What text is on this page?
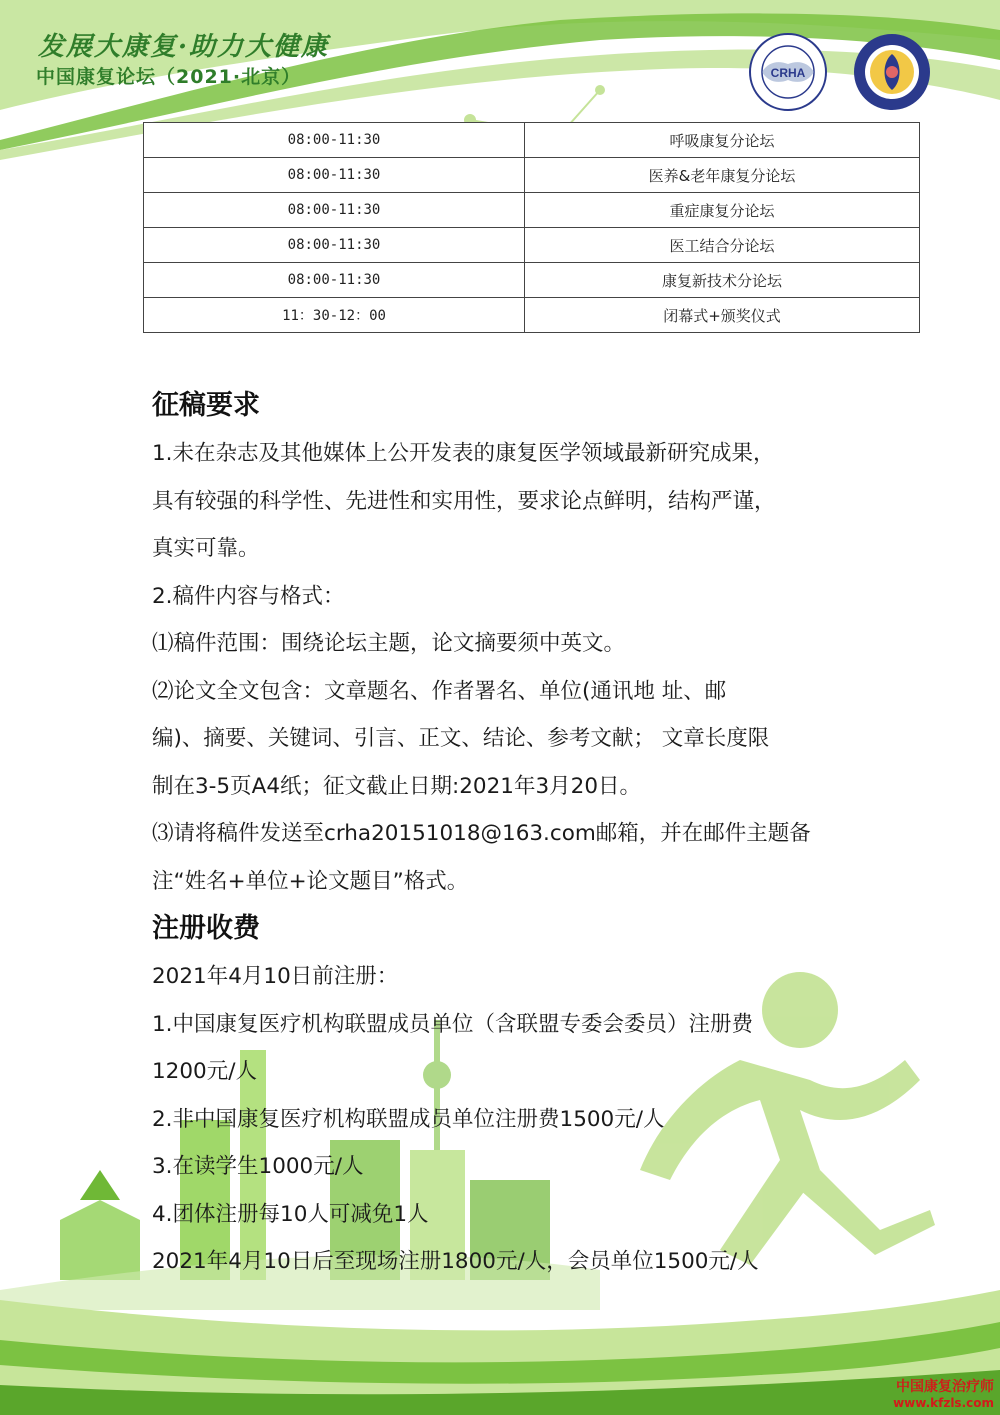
发展大康复·助力大健康
中国康复论坛（2021·北京）	CRHA
08:00-11:30	呼吸康复分论坛
08:00-11:30	医养&老年康复分论坛
08:00-11:30	重症康复分论坛
08:00-11:30	医工结合分论坛
08:00-11:30	康复新技术分论坛
11：30-12：00	闭幕式+颁奖仪式
征稿要求

1.未在杂志及其他媒体上公开发表的康复医学领域最新研究成果，

具有较强的科学性、先进性和实用性，要求论点鲜明，结构严谨，

真实可靠。

2.稿件内容与格式：

⑴稿件范围：围绕论坛主题，论文摘要须中英文。

⑵论文全文包含：文章题名、作者署名、单位(通讯地 址、邮

编)、摘要、关键词、引言、正文、结论、参考文献； 文章长度限

制在3-5页A4纸；征文截止日期:2021年3月20日。

⑶请将稿件发送至crha20151018@163.com邮箱，并在邮件主题备

注“姓名+单位+论文题目”格式。

注册收费

2021年4月10日前注册：

1.中国康复医疗机构联盟成员单位（含联盟专委会委员）注册费

1200元/人

2.非中国康复医疗机构联盟成员单位注册费1500元/人

3.在读学生1000元/人

4.团体注册每10人可减免1人

2021年4月10日后至现场注册1800元/人，会员单位1500元/人

中国康复治疗师
www.kfzls.com
